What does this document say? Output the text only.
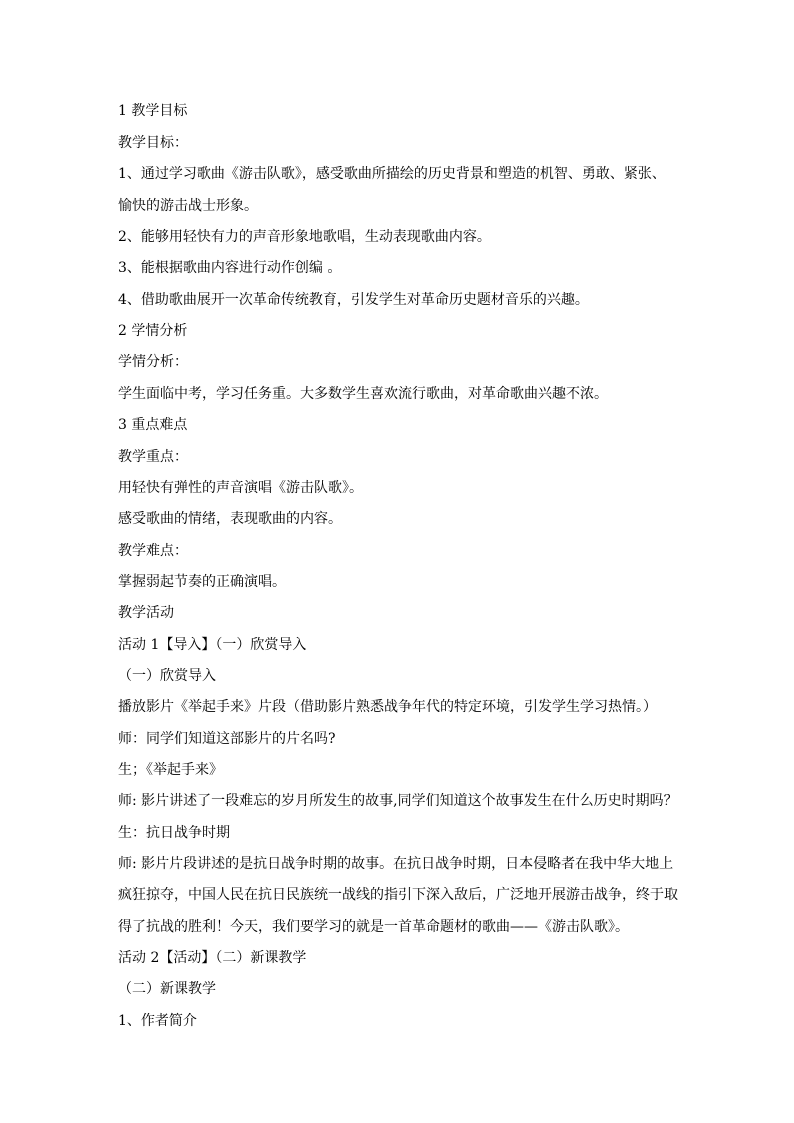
1 教学目标
教学目标：
1、通过学习歌曲《游击队歌》，感受歌曲所描绘的历史背景和塑造的机智、勇敢、紧张、
愉快的游击战士形象。
2、能够用轻快有力的声音形象地歌唱，生动表现歌曲内容。
3、能根据歌曲内容进行动作创编 。
4、借助歌曲展开一次革命传统教育，引发学生对革命历史题材音乐的兴趣。
2 学情分析
学情分析：
学生面临中考，学习任务重。大多数学生喜欢流行歌曲，对革命歌曲兴趣不浓。
3 重点难点
教学重点：
用轻快有弹性的声音演唱《游击队歌》。
感受歌曲的情绪，表现歌曲的内容。
教学难点：
掌握弱起节奏的正确演唱。
教学活动
活动 1【导入】（一）欣赏导入
（一）欣赏导入
播放影片《举起手来》片段（借助影片熟悉战争年代的特定环境，引发学生学习热情。）
师：同学们知道这部影片的片名吗?
生；《举起手来》
师: 影片讲述了一段难忘的岁月所发生的故事,同学们知道这个故事发生在什么历史时期吗？
生：抗日战争时期
师: 影片片段讲述的是抗日战争时期的故事。在抗日战争时期，日本侵略者在我中华大地上
疯狂掠夺，中国人民在抗日民族统一战线的指引下深入敌后，广泛地开展游击战争，终于取
得了抗战的胜利！今天，我们要学习的就是一首革命题材的歌曲——《游击队歌》。
活动 2【活动】（二）新课教学
（二）新课教学
1、作者简介
